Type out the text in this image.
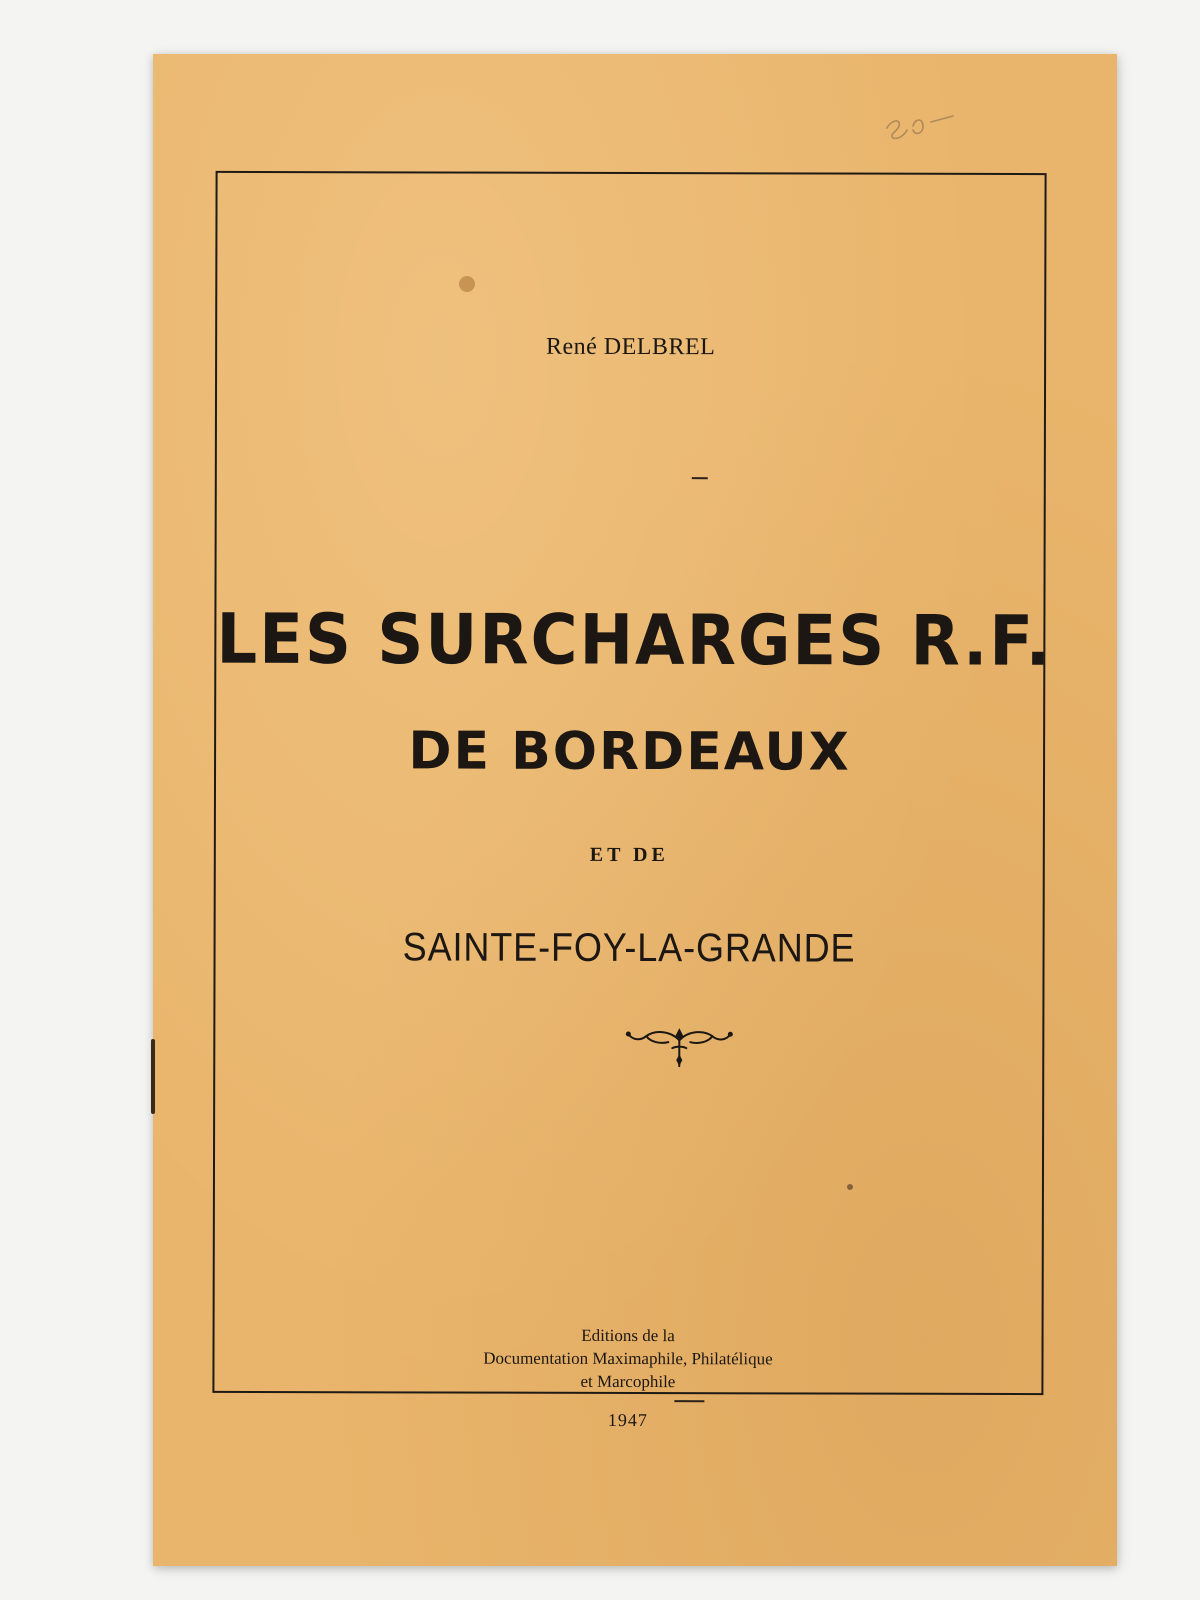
René DELBREL
LES SURCHARGES R.F.
DE BORDEAUX
ET DE
SAINTE-FOY-LA-GRANDE
Editions de la
Documentation Maximaphile, Philatélique
et Marcophile
1947
